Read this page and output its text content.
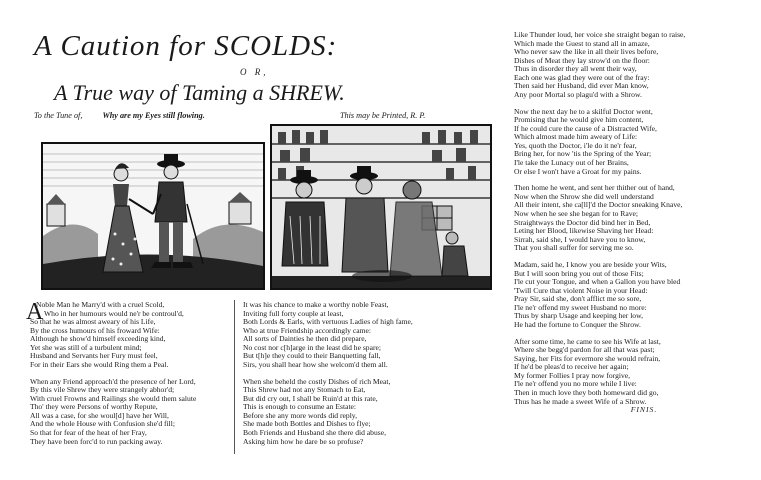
A Caution for SCOLDS:
O R,
A True way of Taming a SHREW.
To the Tune of, Why are my Eyes still flowing.	This may be Printed, R. P.
A
Noble Man he Marry'd with a cruel Scold,
Who in her humours would ne'r be controul'd,
So that he was almost aweary of his Life,
By the cross humours of his froward Wife:
Although he show'd himself exceeding kind,
Yet she was still of a turbulent mind;
Husband and Servants her Fury must feel,
For in their Ears she would Ring them a Peal.
When any Friend approach'd the presence of her Lord,
By this vile Shrew they were strangely abhor'd;
With cruel Frowns and Railings she would them salute
Tho' they were Persons of worthy Repute,
All was a case, for she woul[d] have her Will,
And the whole House with Confusion she'd fill;
So that for fear of the heat of her Fray,
They have been forc'd to run packing away.
It was his chance to make a worthy noble Feast,
Inviting full forty couple at least,
Both Lords & Earls, with vertuous Ladies of high fame,
Who at true Friendship accordingly came:
All sorts of Dainties he then did prepare,
No cost nor c[h]arge in the least did he spare;
But t[h]e they could to their Banquetting fall,
Sirs, you shall hear how she welcom'd them all.
When she beheld the costly Dishes of rich Meat,
This Shrew had not any Stomach to Eat,
But did cry out, I shall be Ruin'd at this rate,
This is enough to consume an Estate:
Before she any more words did reply,
She made both Bottles and Dishes to flye;
Both Friends and Husband she there did abuse,
Asking him how he dare be so profuse?
Like Thunder loud, her voice she straight began to raise,
Which made the Guest to stand all in amaze,
Who never saw the like in all their lives before,
Dishes of Meat they lay strow'd on the floor:
Thus in disorder they all went their way,
Each one was glad they were out of the fray:
Then said her Husband, did ever Man know,
Any poor Mortal so plagu'd with a Shrow.
Now the next day he to a skilful Doctor went,
Promising that he would give him content,
If he could cure the cause of a Distracted Wife,
Which almost made him aweary of Life:
Yes, quoth the Doctor, i'le do it ne'r fear,
Bring her, for now 'tis the Spring of the Year;
I'le take the Lunacy out of her Brains,
Or else I won't have a Groat for my pains.
Then home he went, and sent her thither out of hand,
Now when the Shrow she did well understand
All their intent, she ca[ll]'d the Doctor sneaking Knave,
Now when he see she began for to Rave;
Straightways the Doctor did bind her in Bed,
Leting her Blood, likewise Shaving her Head:
Sirrah, said she, I would have you to know,
That you shall suffer for serving me so.
Madam, said he, I know you are beside your Wits,
But I will soon bring you out of those Fits;
I'le cut your Tongue, and when a Gallon you have bled
'Twill Cure that violent Noise in your Head:
Pray Sir, said she, don't afflict me so sore,
I'le ne'r offend my sweet Husband no more:
Thus by sharp Usage and keeping her low,
He had the fortune to Conquer the Shrow.
After some time, he came to see his Wife at last,
Where she begg'd pardon for all that was past;
Saying, her Fits for evermore she would refrain,
If he'd be pleas'd to receive her again;
My former Follies I pray now forgive,
I'le ne'r offend you no more while I live:
Then in much love they both homeward did go,
Thus has he made a sweet Wife of a Shrow.
FINIS.
